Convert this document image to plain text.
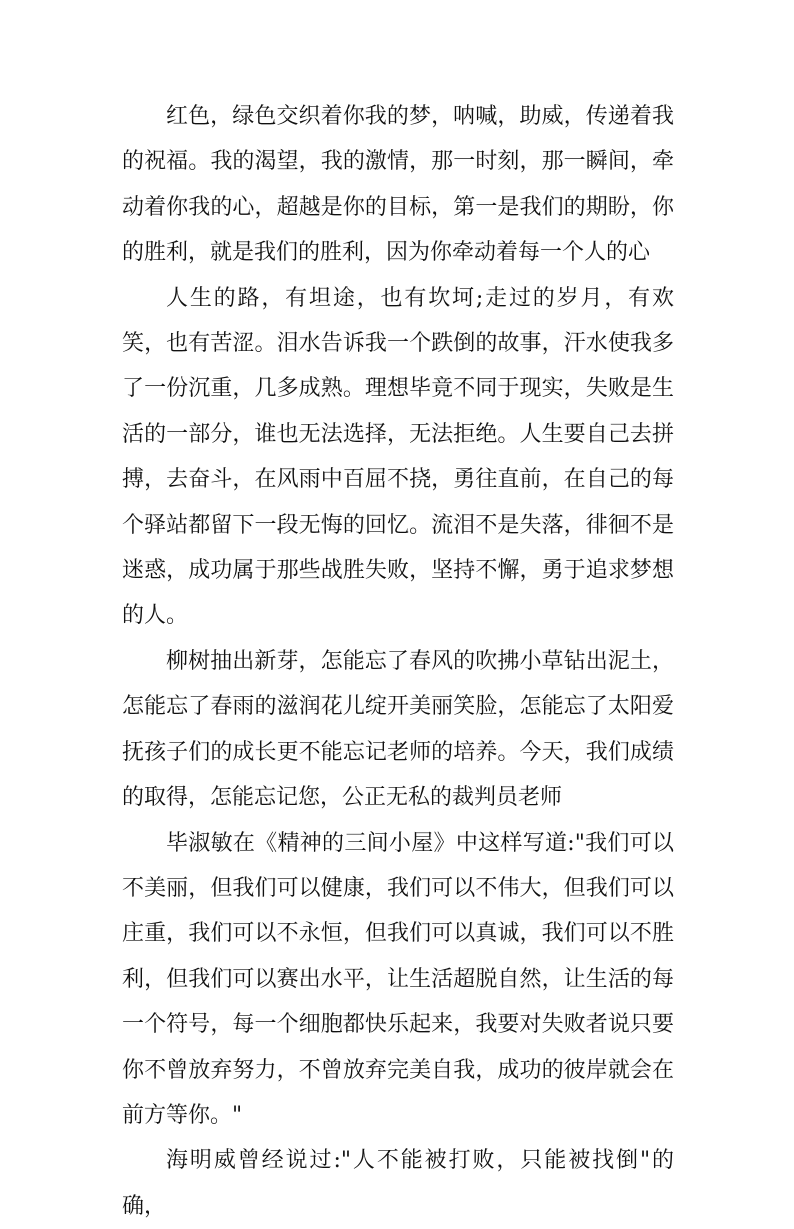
红色，绿色交织着你我的梦，呐喊，助威，传递着我的祝福。我的渴望，我的激情，那一时刻，那一瞬间，牵动着你我的心，超越是你的目标，第一是我们的期盼，你的胜利，就是我们的胜利，因为你牵动着每一个人的心

人生的路，有坦途，也有坎坷;走过的岁月，有欢笑，也有苦涩。泪水告诉我一个跌倒的故事，汗水使我多了一份沉重，几多成熟。理想毕竟不同于现实，失败是生活的一部分，谁也无法选择，无法拒绝。人生要自己去拼搏，去奋斗，在风雨中百屈不挠，勇往直前，在自己的每个驿站都留下一段无悔的回忆。流泪不是失落，徘徊不是迷惑，成功属于那些战胜失败，坚持不懈，勇于追求梦想的人。

柳树抽出新芽，怎能忘了春风的吹拂小草钻出泥土，怎能忘了春雨的滋润花儿绽开美丽笑脸，怎能忘了太阳爱抚孩子们的成长更不能忘记老师的培养。今天，我们成绩的取得，怎能忘记您，公正无私的裁判员老师

毕淑敏在《精神的三间小屋》中这样写道:"我们可以不美丽，但我们可以健康，我们可以不伟大，但我们可以庄重，我们可以不永恒，但我们可以真诚，我们可以不胜利，但我们可以赛出水平，让生活超脱自然，让生活的每一个符号，每一个细胞都快乐起来，我要对失败者说只要你不曾放弃努力，不曾放弃完美自我，成功的彼岸就会在前方等你。"

海明威曾经说过:"人不能被打败，只能被找倒"的确，
